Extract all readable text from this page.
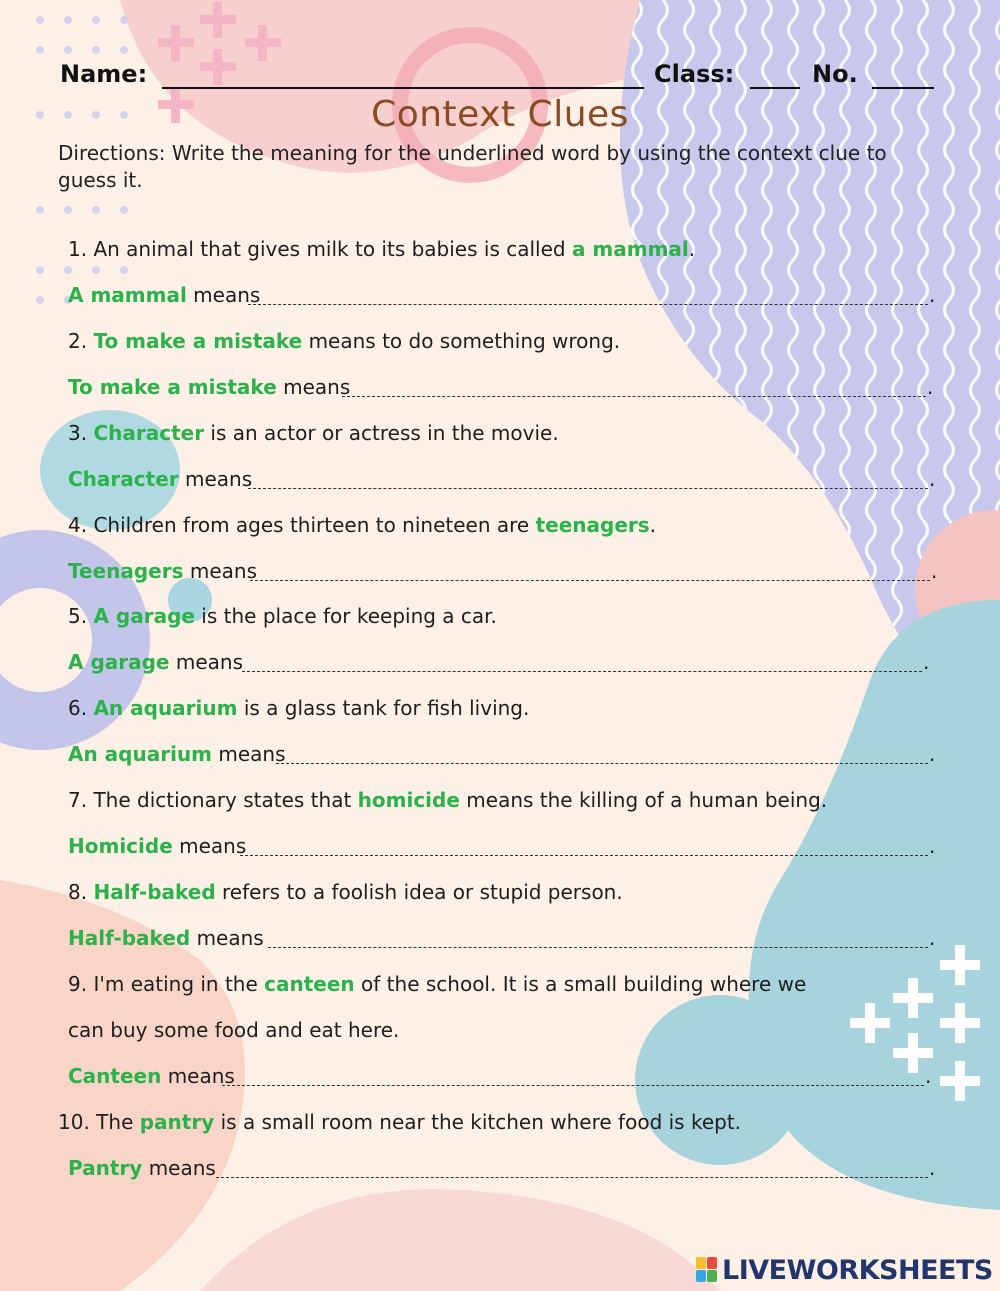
Name:	Class:	No.
Context Clues
Directions: Write the meaning for the underlined word by using the context clue to guess it.
1. An animal that gives milk to its babies is called a mammal.
A mammal means	.
2. To make a mistake means to do something wrong.
To make a mistake means	.
3. Character is an actor or actress in the movie.
Character means	.
4. Children from ages thirteen to nineteen are teenagers.
Teenagers means	.
5. A garage is the place for keeping a car.
A garage means	.
6. An aquarium is a glass tank for fish living.
An aquarium means	.
7. The dictionary states that homicide means the killing of a human being.
Homicide means	.
8. Half-baked refers to a foolish idea or stupid person.
Half-baked means	.
9. I'm eating in the canteen of the school. It is a small building where we
can buy some food and eat here.
Canteen means	.
10. The pantry is a small room near the kitchen where food is kept.
Pantry means	.
LIVEWORKSHEETS
